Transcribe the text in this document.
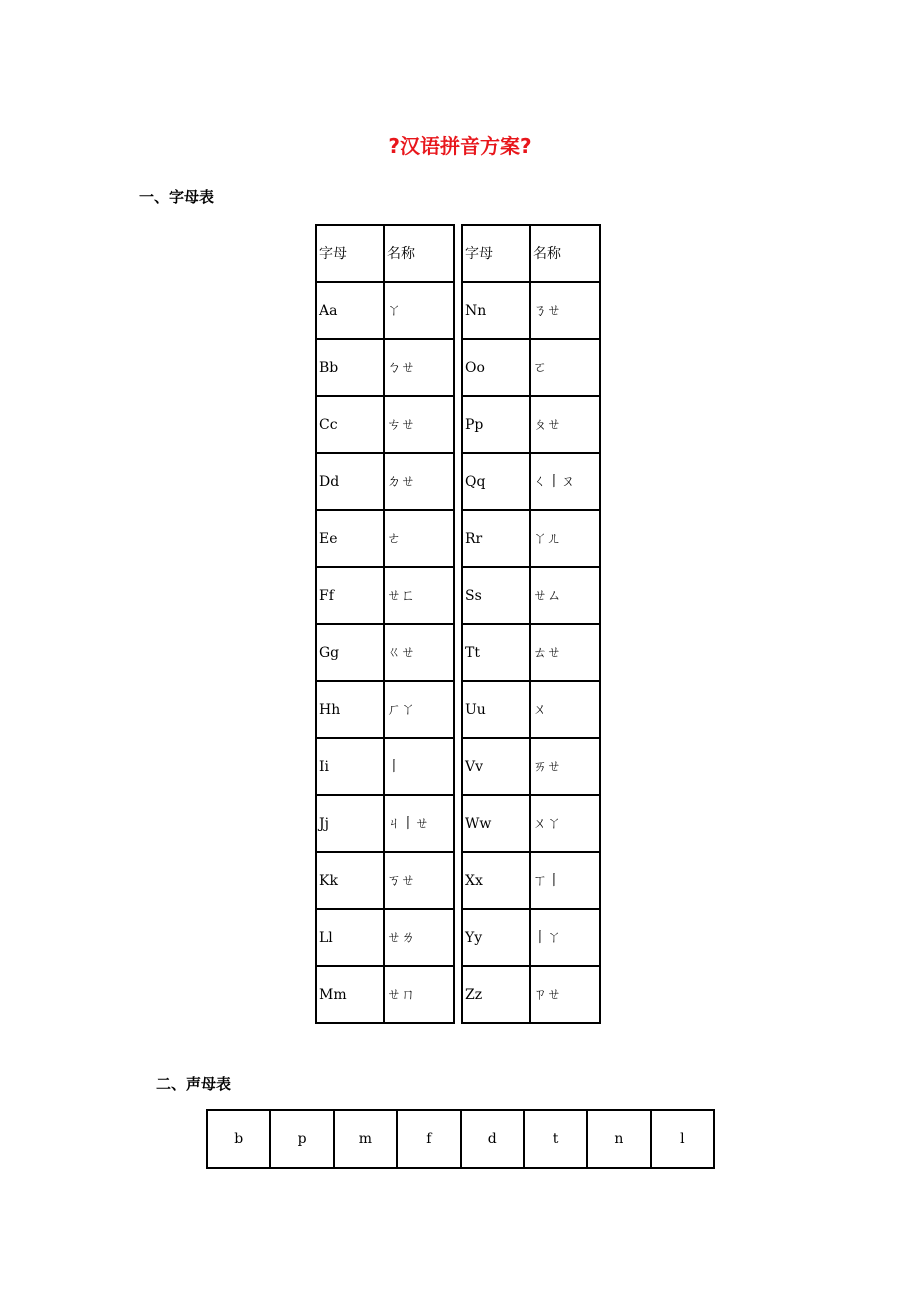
?汉语拼音方案?
一、字母表
字母	名称
Aa	ㄚ
Bb	ㄅㄝ
Cc	ㄘㄝ
Dd	ㄉㄝ
Ee	ㄜ
Ff	ㄝㄈ
Gg	ㄍㄝ
Hh	ㄏㄚ
Ii	丨
Jj	ㄐ丨ㄝ
Kk	ㄎㄝ
Ll	ㄝㄌ
Mm	ㄝㄇ
字母	名称
Nn	ㄋㄝ
Oo	ㄛ
Pp	ㄆㄝ
Qq	ㄑ丨ㄡ
Rr	ㄚㄦ
Ss	ㄝㄙ
Tt	ㄊㄝ
Uu	ㄨ
Vv	ㄞㄝ
Ww	ㄨㄚ
Xx	ㄒ丨
Yy	丨ㄚ
Zz	ㄗㄝ
二、声母表
b	p	m	f	d	t	n	l
